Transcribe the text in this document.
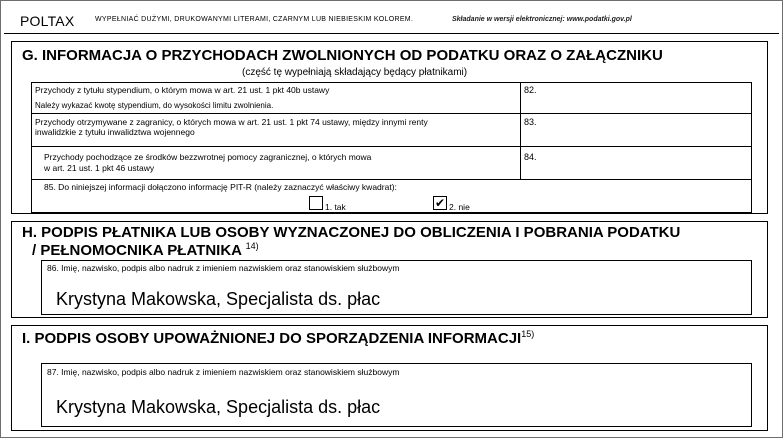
POLTAX	WYPEŁNIAĆ DUŻYMI, DRUKOWANYMI LITERAMI, CZARNYM LUB NIEBIESKIM KOLOREM.	Składanie w wersji elektronicznej: www.podatki.gov.pl
G. INFORMACJA O PRZYCHODACH ZWOLNIONYCH OD PODATKU ORAZ O ZAŁĄCZNIKU
(część tę wypełniają składający będący płatnikami)
Przychody z tytułu stypendium, o którym mowa w art. 21 ust. 1 pkt 40b ustawy
Należy wykazać kwotę stypendium, do wysokości limitu zwolnienia.
82.
Przychody otrzymywane z zagranicy, o których mowa w art. 21 ust. 1 pkt 74 ustawy, między innymi renty
inwalidzkie z tytułu inwalidztwa wojennego
83.
Przychody pochodzące ze środków bezzwrotnej pomocy zagranicznej, o których mowa
w art. 21 ust. 1 pkt 46 ustawy
84.
85. Do niniejszej informacji dołączono informację PIT-R (należy zaznaczyć właściwy kwadrat):
1. tak	✔ 2. nie
H. PODPIS PŁATNIKA LUB OSOBY WYZNACZONEJ DO OBLICZENIA I POBRANIA PODATKU
/ PEŁNOMOCNIKA PŁATNIKA $^{14)}$
86. Imię, nazwisko, podpis albo nadruk z imieniem nazwiskiem oraz stanowiskiem służbowym
Krystyna Makowska, Specjalista ds. płac
I. PODPIS OSOBY UPOWAŻNIONEJ DO SPORZĄDZENIA INFORMACJI$^{15)}$
87. Imię, nazwisko, podpis albo nadruk z imieniem nazwiskiem oraz stanowiskiem służbowym
Krystyna Makowska, Specjalista ds. płac
